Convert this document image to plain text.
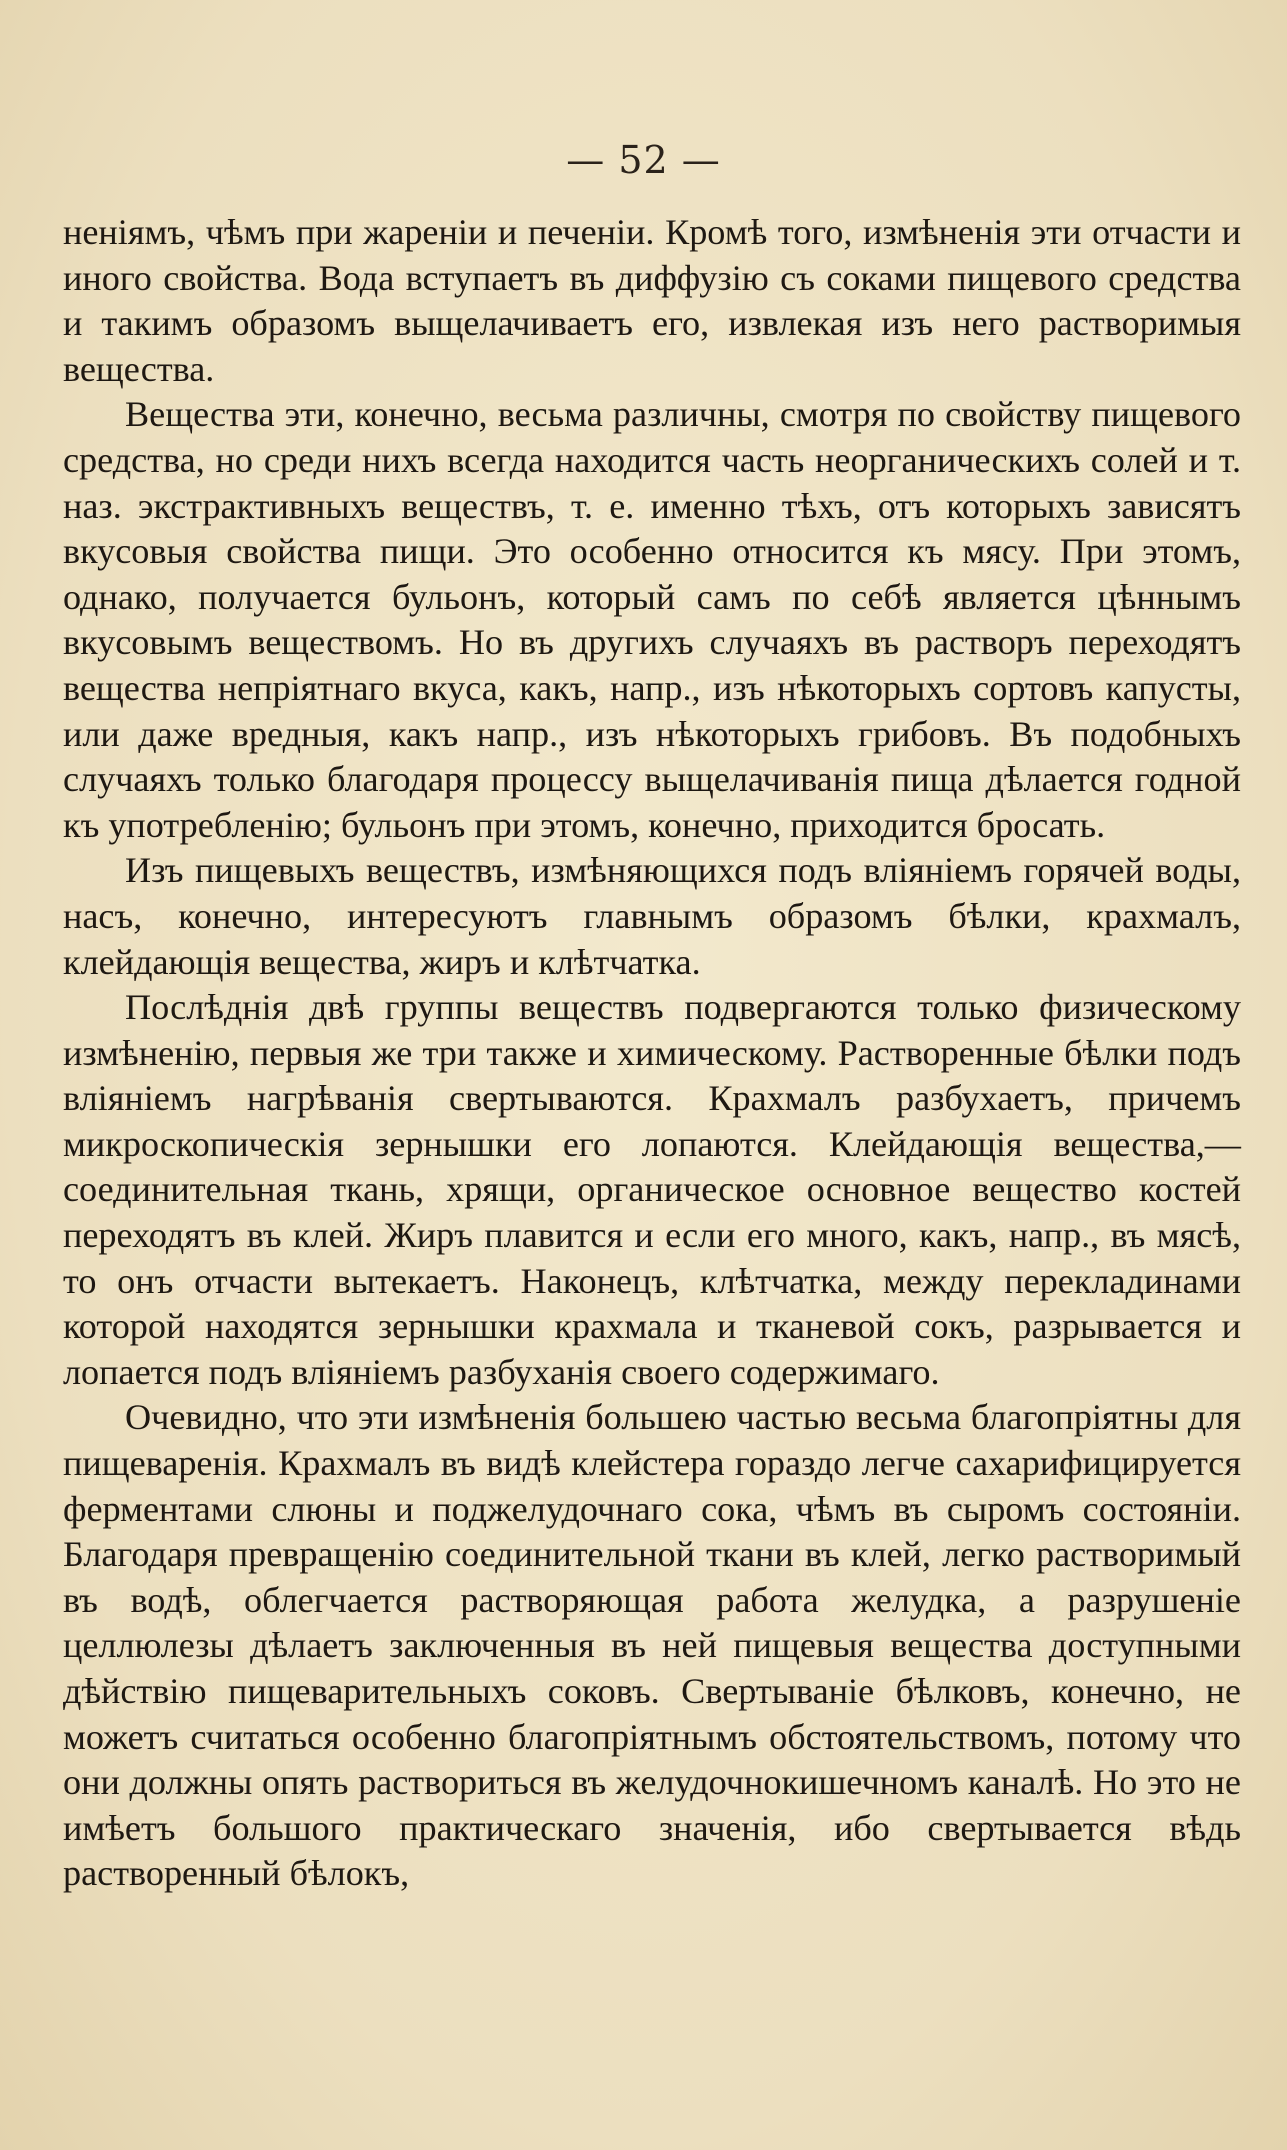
— 52 —

неніямъ, чѣмъ при жареніи и печеніи. Кромѣ того, измѣненія эти отчасти и иного свойства. Вода вступаетъ въ диффузію съ соками пищевого средства и такимъ образомъ выщелачиваетъ его, извлекая изъ него растворимыя вещества.

Вещества эти, конечно, весьма различны, смотря по свойству пищевого средства, но среди нихъ всегда находится часть неорганическихъ солей и т. наз. экстрактивныхъ веществъ, т. е. именно тѣхъ, отъ которыхъ зависятъ вкусовыя свойства пищи. Это особенно относится къ мясу. При этомъ, однако, получается бульонъ, который самъ по себѣ является цѣннымъ вкусовымъ веществомъ. Но въ другихъ случаяхъ въ растворъ переходятъ вещества непріятнаго вкуса, какъ, напр., изъ нѣкоторыхъ сортовъ капусты, или даже вредныя, какъ напр., изъ нѣкоторыхъ грибовъ. Въ подобныхъ случаяхъ только благодаря процессу выщелачиванія пища дѣлается годной къ употребленію; бульонъ при этомъ, конечно, приходится бросать.

Изъ пищевыхъ веществъ, измѣняющихся подъ вліяніемъ горячей воды, насъ, конечно, интересуютъ главнымъ образомъ бѣлки, крахмалъ, клейдающія вещества, жиръ и клѣтчатка.

Послѣднія двѣ группы веществъ подвергаются только физическому измѣненію, первыя же три также и химическому. Растворенные бѣлки подъ вліяніемъ нагрѣванія свертываются. Крахмалъ разбухаетъ, причемъ микроскопическія зернышки его лопаются. Клейдающія вещества,—соединительная ткань, хрящи, органическое основное вещество костей переходятъ въ клей. Жиръ плавится и если его много, какъ, напр., въ мясѣ, то онъ отчасти вытекаетъ. Наконецъ, клѣтчатка, между перекладинами которой находятся зернышки крахмала и тканевой сокъ, разрывается и лопается подъ вліяніемъ разбуханія своего содержимаго.

Очевидно, что эти измѣненія большею частью весьма благопріятны для пищеваренія. Крахмалъ въ видѣ клейстера гораздо легче сахарифицируется ферментами слюны и поджелудочнаго сока, чѣмъ въ сыромъ состояніи. Благодаря превращенію соединительной ткани въ клей, легко растворимый въ водѣ, облегчается растворяющая работа желудка, а разрушеніе целлюлезы дѣлаетъ заключенныя въ ней пищевыя вещества доступными дѣйствію пищеварительныхъ соковъ. Свертываніе бѣлковъ, конечно, не можетъ считаться особенно благопріятнымъ обстоятельствомъ, потому что они должны опять раствориться въ желудочнокишечномъ каналѣ. Но это не имѣетъ большого практическаго значенія, ибо свертывается вѣдь растворенный бѣлокъ,
